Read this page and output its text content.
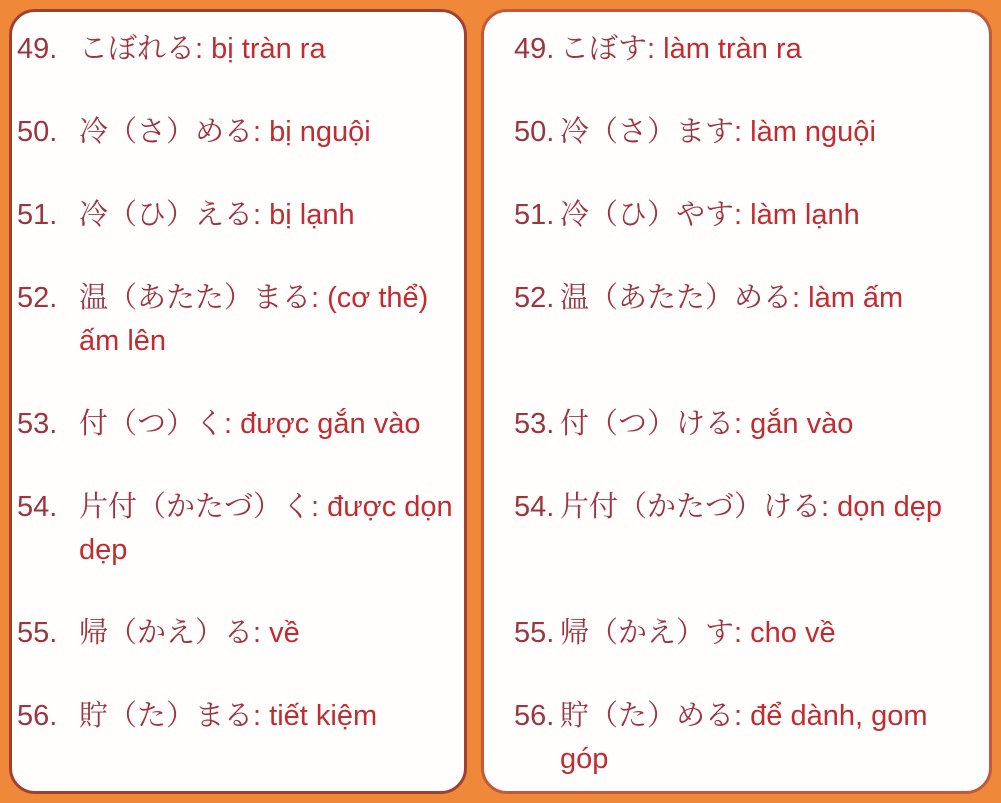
49. こぼれる: bị tràn ra
50. 冷（さ）める: bị nguội
51. 冷（ひ）える: bị lạnh
52. 温（あたた）まる: (cơ thể) ấm lên
53. 付（つ）く: được gắn vào
54. 片付（かたづ）く: được dọn dẹp
55. 帰（かえ）る: về
56. 貯（た）まる: tiết kiệm
49. こぼす: làm tràn ra
50. 冷（さ）ます: làm nguội
51. 冷（ひ）やす: làm lạnh
52. 温（あたた）める: làm ấm
53. 付（つ）ける: gắn vào
54. 片付（かたづ）ける: dọn dẹp
55. 帰（かえ）す: cho về
56. 貯（た）める: để dành, gom góp
